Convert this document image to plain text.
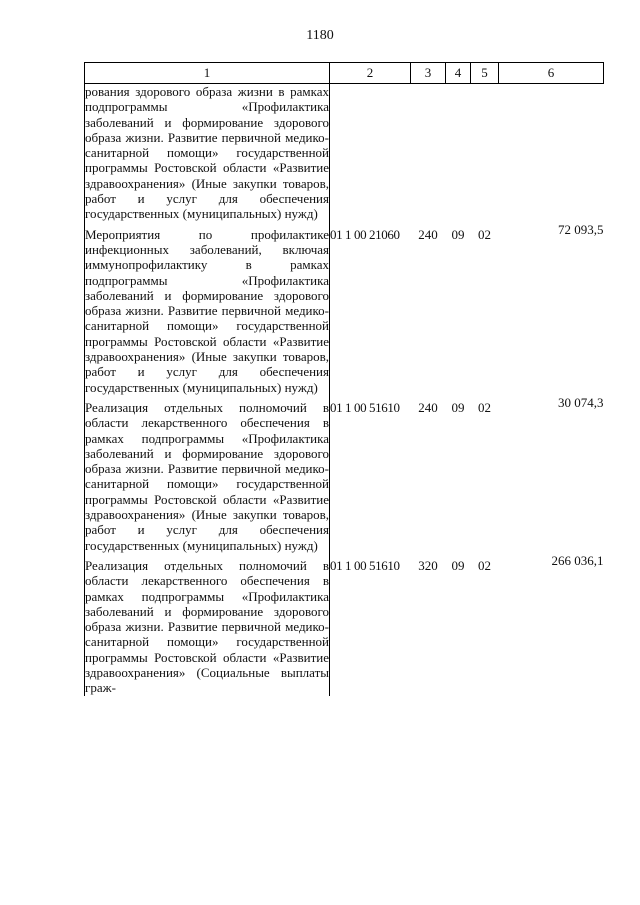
1180
1	2	3	4	5	6
рования здорового образа жизни в рамках подпрограммы «Профилактика заболеваний и формирование здорового образа жизни. Развитие первичной медико-санитарной помощи» государственной программы Ростовской области «Развитие здравоохранения» (Иные закупки товаров, работ и услуг для обеспечения государственных (муниципальных) нужд)					
Мероприятия по профилактике инфекционных заболеваний, включая иммунопрофилактику в рамках подпрограммы «Профилактика заболеваний и формирование здорового образа жизни. Развитие первичной медико-санитарной помощи» государственной программы Ростовской области «Развитие здравоохранения» (Иные закупки товаров, работ и услуг для обеспечения государственных (муниципальных) нужд)	01 1 00 21060	240	09	02	72 093,5
Реализация отдельных полномочий в области лекарственного обеспечения в рамках подпрограммы «Профилактика заболеваний и формирование здорового образа жизни. Развитие первичной медико-санитарной помощи» государственной программы Ростовской области «Развитие здравоохранения» (Иные закупки товаров, работ и услуг для обеспечения государственных (муниципальных) нужд)	01 1 00 51610	240	09	02	30 074,3
Реализация отдельных полномочий в области лекарственного обеспечения в рамках подпрограммы «Профилактика заболеваний и формирование здорового образа жизни. Развитие первичной медико-санитарной помощи» государственной программы Ростовской области «Развитие здравоохранения» (Социальные выплаты граж-	01 1 00 51610	320	09	02	266 036,1
